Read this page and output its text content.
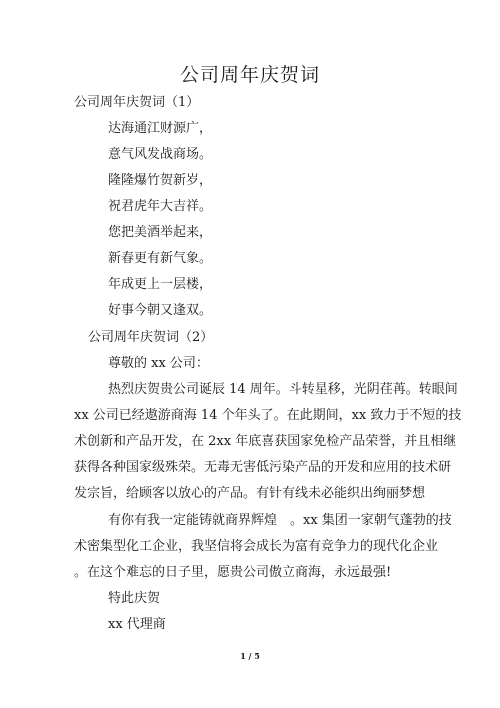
公司周年庆贺词
公司周年庆贺词（1）
达海通江财源广，
意气风发战商场。
隆隆爆竹贺新岁，
祝君虎年大吉祥。
您把美酒举起来，
新春更有新气象。
年成更上一层楼，
好事今朝又逢双。
公司周年庆贺词（2）
尊敬的 xx 公司：
热烈庆贺贵公司诞辰 14 周年。斗转星移，光阴荏苒。转眼间
xx 公司已经遨游商海 14 个年头了。在此期间，xx 致力于不短的技
术创新和产品开发，在 2xx 年底喜获国家免检产品荣誉，并且相继
获得各种国家级殊荣。无毒无害低污染产品的开发和应用的技术研
发宗旨，给顾客以放心的产品。有针有线未必能织出绚丽梦想
有你有我一定能铸就商界辉煌　。xx 集团一家朝气蓬勃的技
术密集型化工企业，我坚信将会成长为富有竞争力的现代化企业
。在这个难忘的日子里，愿贵公司傲立商海，永远最强!
特此庆贺
xx 代理商
1 / 5
